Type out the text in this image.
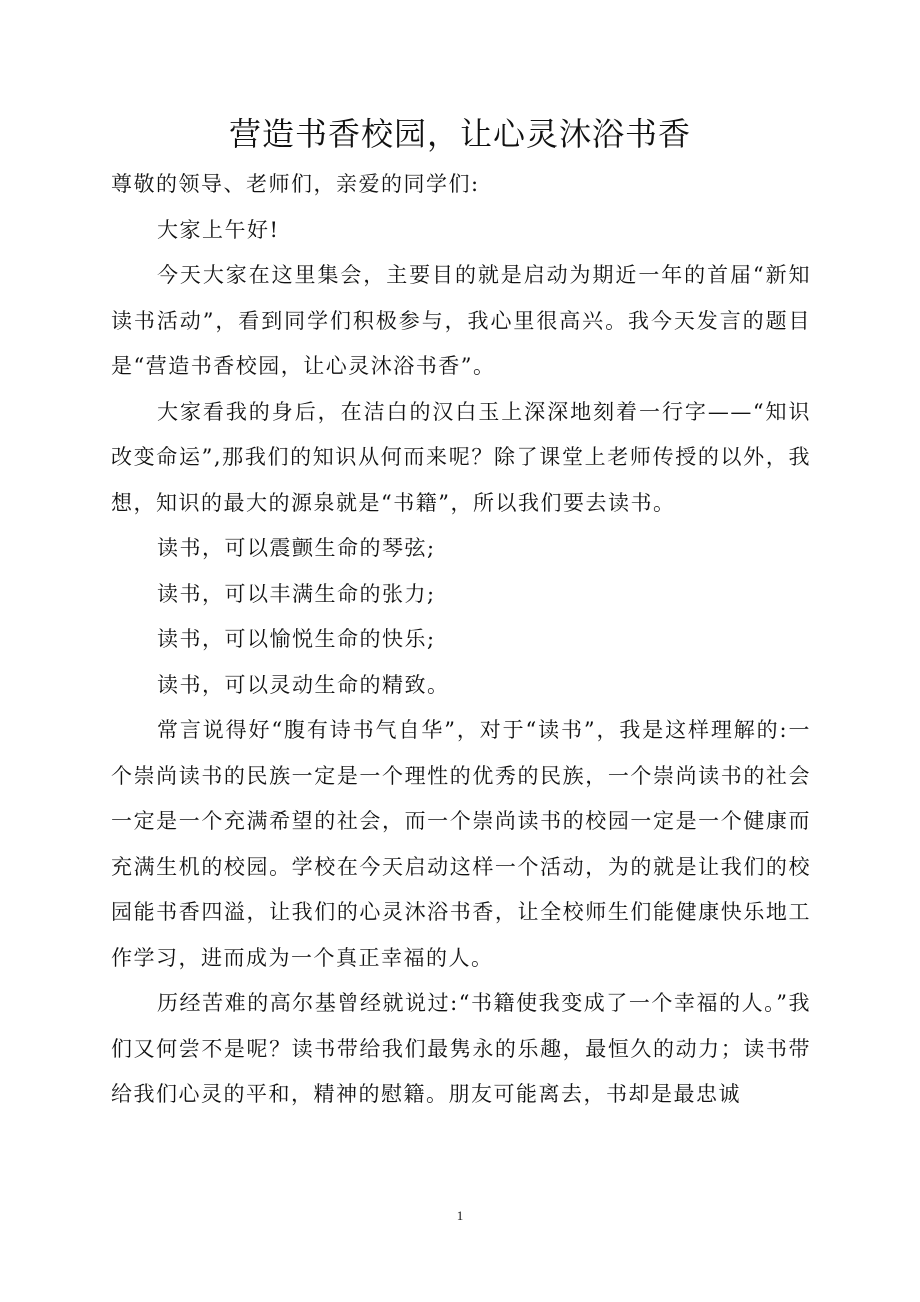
营造书香校园，让心灵沐浴书香

尊敬的领导、老师们，亲爱的同学们:

大家上午好!

今天大家在这里集会，主要目的就是启动为期近一年的首届“新知读书活动”，看到同学们积极参与，我心里很高兴。我今天发言的题目是“营造书香校园，让心灵沐浴书香”。

大家看我的身后，在洁白的汉白玉上深深地刻着一行字——“知识改变命运”,那我们的知识从何而来呢？除了课堂上老师传授的以外，我想，知识的最大的源泉就是“书籍”，所以我们要去读书。

读书，可以震颤生命的琴弦;

读书，可以丰满生命的张力;

读书，可以愉悦生命的快乐;

读书，可以灵动生命的精致。

常言说得好“腹有诗书气自华”，对于“读书”，我是这样理解的:一个崇尚读书的民族一定是一个理性的优秀的民族，一个崇尚读书的社会一定是一个充满希望的社会，而一个崇尚读书的校园一定是一个健康而充满生机的校园。学校在今天启动这样一个活动，为的就是让我们的校园能书香四溢，让我们的心灵沐浴书香，让全校师生们能健康快乐地工作学习，进而成为一个真正幸福的人。

历经苦难的高尔基曾经就说过:“书籍使我变成了一个幸福的人。”我们又何尝不是呢？读书带给我们最隽永的乐趣，最恒久的动力；读书带给我们心灵的平和，精神的慰籍。朋友可能离去，书却是最忠诚

1
